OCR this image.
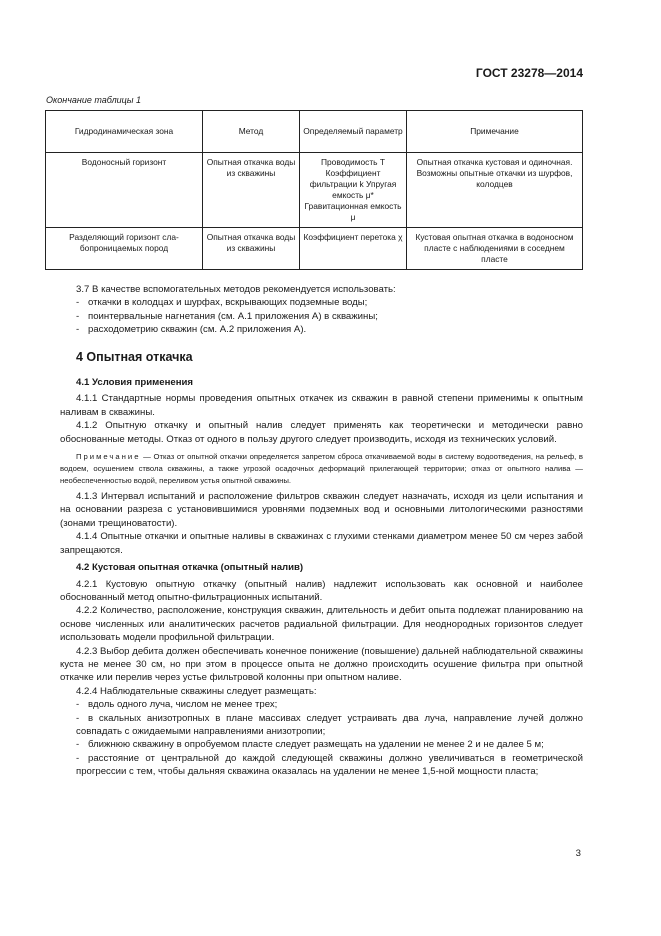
ГОСТ 23278—2014
Окончание таблицы 1
Гидродинамическая зона	Метод	Определяемый параметр	Примечание
Водоносный горизонт	Опытная откачка воды из скважины	Проводимость T Коэффициент фильтрации k Упругая емкость μ* Гравитационная емкость μ	Опытная откачка кустовая и одиночная. Возможны опытные откачки из шурфов, колодцев
Разделяющий горизонт слабопроницаемых пород	Опытная откачка воды из скважины	Коэффициент перетока χ	Кустовая опытная откачка в водоносном пласте с наблюдениями в соседнем пласте

3.7 В качестве вспомогательных методов рекомендуется использовать:

- откачки в колодцах и шурфах, вскрывающих подземные воды;

- поинтервальные нагнетания (см. А.1 приложения А) в скважины;

- расходометрию скважин (см. А.2 приложения А).

4 Опытная откачка
4.1 Условия применения

4.1.1 Стандартные нормы проведения опытных откачек из скважин в равной степени применимы к опытным наливам в скважины.

4.1.2 Опытную откачку и опытный налив следует применять как теоретически и методически равно обоснованные методы. Отказ от одного в пользу другого следует производить, исходя из технических условий.

Примечание — Отказ от опытной откачки определяется запретом сброса откачиваемой воды в систему водоотведения, на рельеф, в водоем, осушением ствола скважины, а также угрозой осадочных деформаций прилегающей территории; отказ от опытного налива — необеспеченностью водой, переливом устья опытной скважины.

4.1.3 Интервал испытаний и расположение фильтров скважин следует назначать, исходя из цели испытания и на основании разреза с установившимися уровнями подземных вод и основными литологическими разностями (зонами трещиноватости).

4.1.4 Опытные откачки и опытные наливы в скважинах с глухими стенками диаметром менее 50 см через забой запрещаются.

4.2 Кустовая опытная откачка (опытный налив)

4.2.1 Кустовую опытную откачку (опытный налив) надлежит использовать как основной и наиболее обоснованный метод опытно-фильтрационных испытаний.

4.2.2 Количество, расположение, конструкция скважин, длительность и дебит опыта подлежат планированию на основе численных или аналитических расчетов радиальной фильтрации. Для неоднородных горизонтов следует использовать модели профильной фильтрации.

4.2.3 Выбор дебита должен обеспечивать конечное понижение (повышение) дальней наблюдательной скважины куста не менее 30 см, но при этом в процессе опыта не должно происходить осушение фильтра при опытной откачке или перелив через устье фильтровой колонны при опытном наливе.

4.2.4 Наблюдательные скважины следует размещать:

- вдоль одного луча, числом не менее трех;

- в скальных анизотропных в плане массивах следует устраивать два луча, направление лучей должно совпадать с ожидаемыми направлениями анизотропии;

- ближнюю скважину в опробуемом пласте следует размещать на удалении не менее 2 и не далее 5 м;

- расстояние от центральной до каждой следующей скважины должно увеличиваться в геометрической прогрессии с тем, чтобы дальняя скважина оказалась на удалении не менее 1,5-ной мощности пласта;

3
